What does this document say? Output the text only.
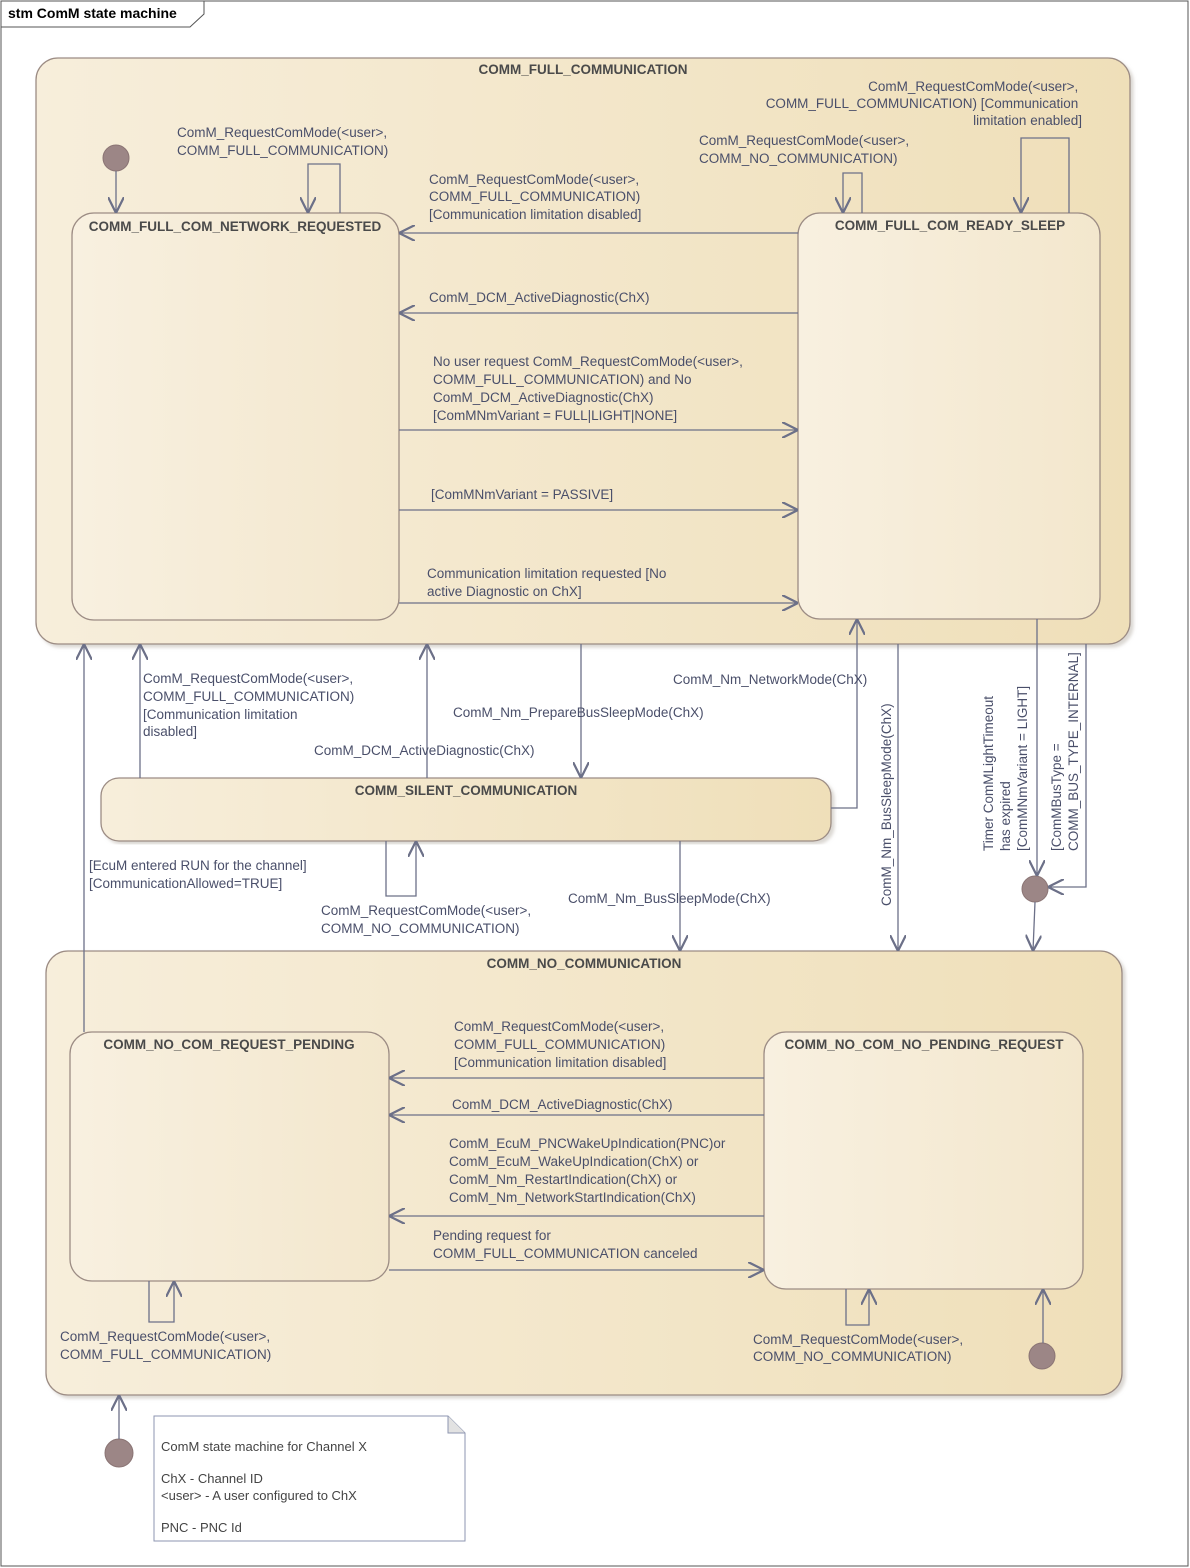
stm ComM state machine
COMM_FULL_COMMUNICATION
COMM_NO_COMMUNICATION
COMM_SILENT_COMMUNICATION
COMM_FULL_COM_NETWORK_REQUESTED	COMM_FULL_COM_READY_SLEEP
COMM_NO_COM_REQUEST_PENDING	COMM_NO_COM_NO_PENDING_REQUEST
ComM_RequestComMode(<user>, COMM_FULL_COMMUNICATION)
ComM_RequestComMode(<user>, COMM_NO_COMMUNICATION)
ComM_RequestComMode(<user>, COMM_FULL_COMMUNICATION) [Communication limitation enabled]
ComM_RequestComMode(<user>, COMM_FULL_COMMUNICATION) [Communication limitation disabled]
ComM_DCM_ActiveDiagnostic(ChX)
No user request ComM_RequestComMode(<user>, COMM_FULL_COMMUNICATION) and No ComM_DCM_ActiveDiagnostic(ChX) [ComMNmVariant = FULL|LIGHT|NONE]
[ComMNmVariant = PASSIVE]
Communication limitation requested [No active Diagnostic on ChX]
ComM_RequestComMode(<user>, COMM_FULL_COMMUNICATION) [Communication limitation disabled]
ComM_DCM_ActiveDiagnostic(ChX)
ComM_Nm_PrepareBusSleepMode(ChX)
ComM_Nm_NetworkMode(ChX)
[EcuM entered RUN for the channel] [CommunicationAllowed=TRUE]
ComM_RequestComMode(<user>, COMM_NO_COMMUNICATION)
ComM_Nm_BusSleepMode(ChX)	ComM_Nm_BusSleepMode(ChX)	Timer ComMLightTimeout has expired [ComMNmVariant = LIGHT] [ComMBusType = COMM_BUS_TYPE_INTERNAL]
ComM_RequestComMode(<user>, COMM_FULL_COMMUNICATION) [Communication limitation disabled]
ComM_DCM_ActiveDiagnostic(ChX)
ComM_EcuM_PNCWakeUpIndication(PNC)or ComM_EcuM_WakeUpIndication(ChX) or ComM_Nm_RestartIndication(ChX) or ComM_Nm_NetworkStartIndication(ChX)
Pending request for COMM_FULL_COMMUNICATION canceled
ComM_RequestComMode(<user>, COMM_FULL_COMMUNICATION)
ComM_RequestComMode(<user>, COMM_NO_COMMUNICATION)
ComM state machine for Channel X ChX - Channel ID <user> - A user configured to ChX PNC - PNC Id
